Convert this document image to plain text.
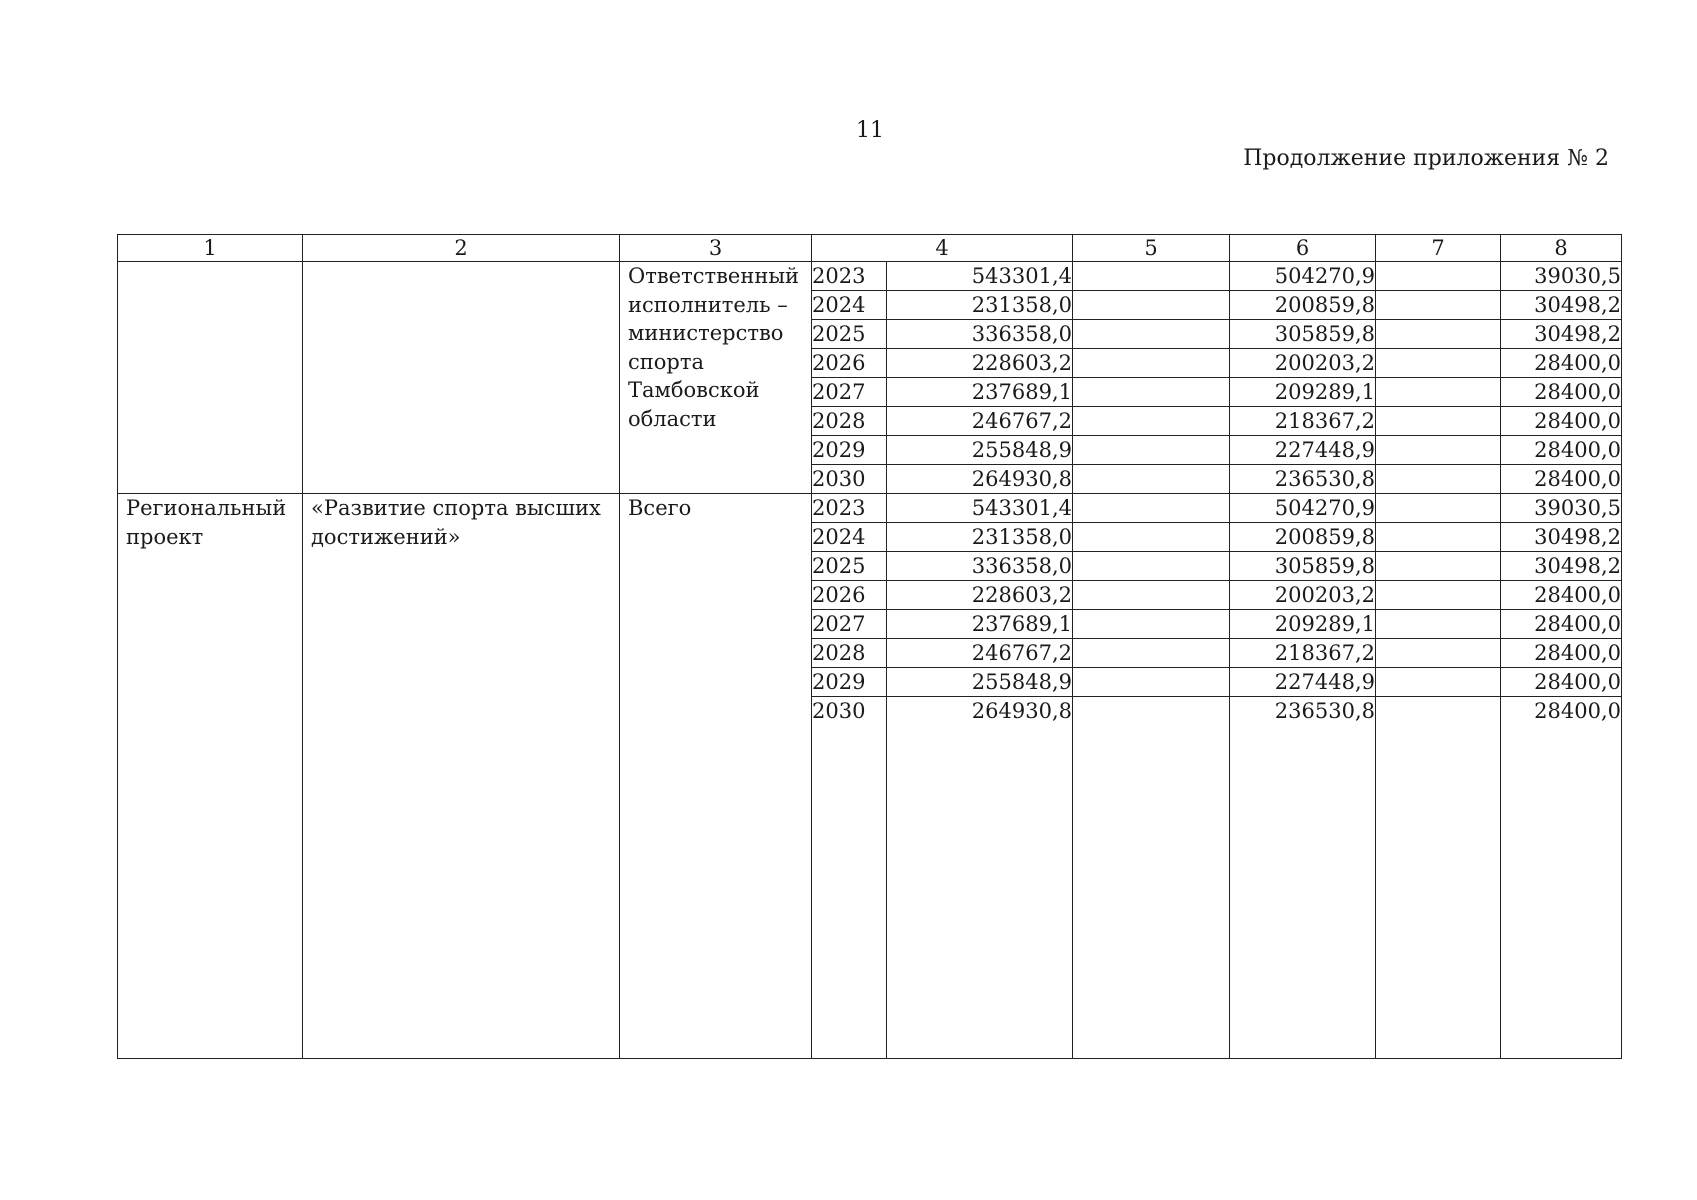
11
Продолжение приложения № 2
1	2	3	4		5	6	7	8

		Ответственный исполнитель – министерство спорта Тамбовской области	2023	543301,4		504270,9		39030,5
			2024	231358,0		200859,8		30498,2
			2025	336358,0		305859,8		30498,2
			2026	228603,2		200203,2		28400,0
			2027	237689,1		209289,1		28400,0
			2028	246767,2		218367,2		28400,0
			2029	255848,9		227448,9		28400,0
			2030	264930,8		236530,8		28400,0

Региональный проект	«Развитие спорта высших достижений»	Всего	2023	543301,4		504270,9		39030,5
			2024	231358,0		200859,8		30498,2
			2025	336358,0		305859,8		30498,2
			2026	228603,2		200203,2		28400,0
			2027	237689,1		209289,1		28400,0
			2028	246767,2		218367,2		28400,0
			2029	255848,9		227448,9		28400,0
			2030	264930,8		236530,8		28400,0
